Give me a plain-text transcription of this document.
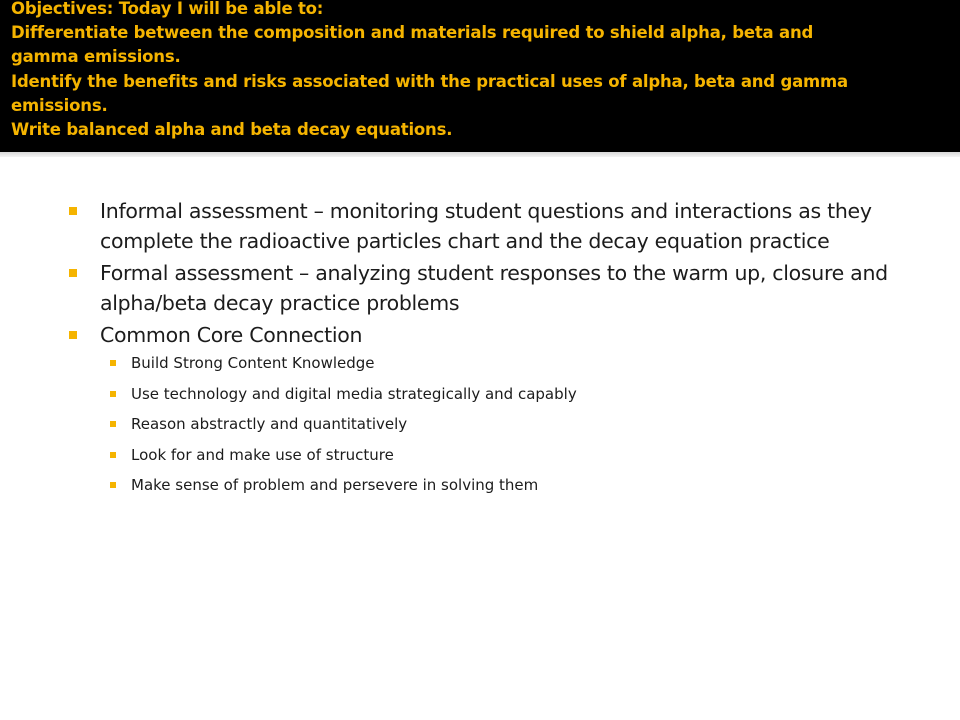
Objectives: Today I will be able to:
Differentiate between the composition and materials required to shield alpha, beta and
gamma emissions.
Identify the benefits and risks associated with the practical uses of alpha, beta and gamma
emissions.
Write balanced alpha and beta decay equations.
Informal assessment – monitoring student questions and interactions as they complete the radioactive particles chart and the decay equation practice
Formal assessment – analyzing student responses to the warm up, closure and alpha/beta decay practice problems
Common Core Connection
Build Strong Content Knowledge
Use technology and digital media strategically and capably
Reason abstractly and quantitatively
Look for and make use of structure
Make sense of problem and persevere in solving them
